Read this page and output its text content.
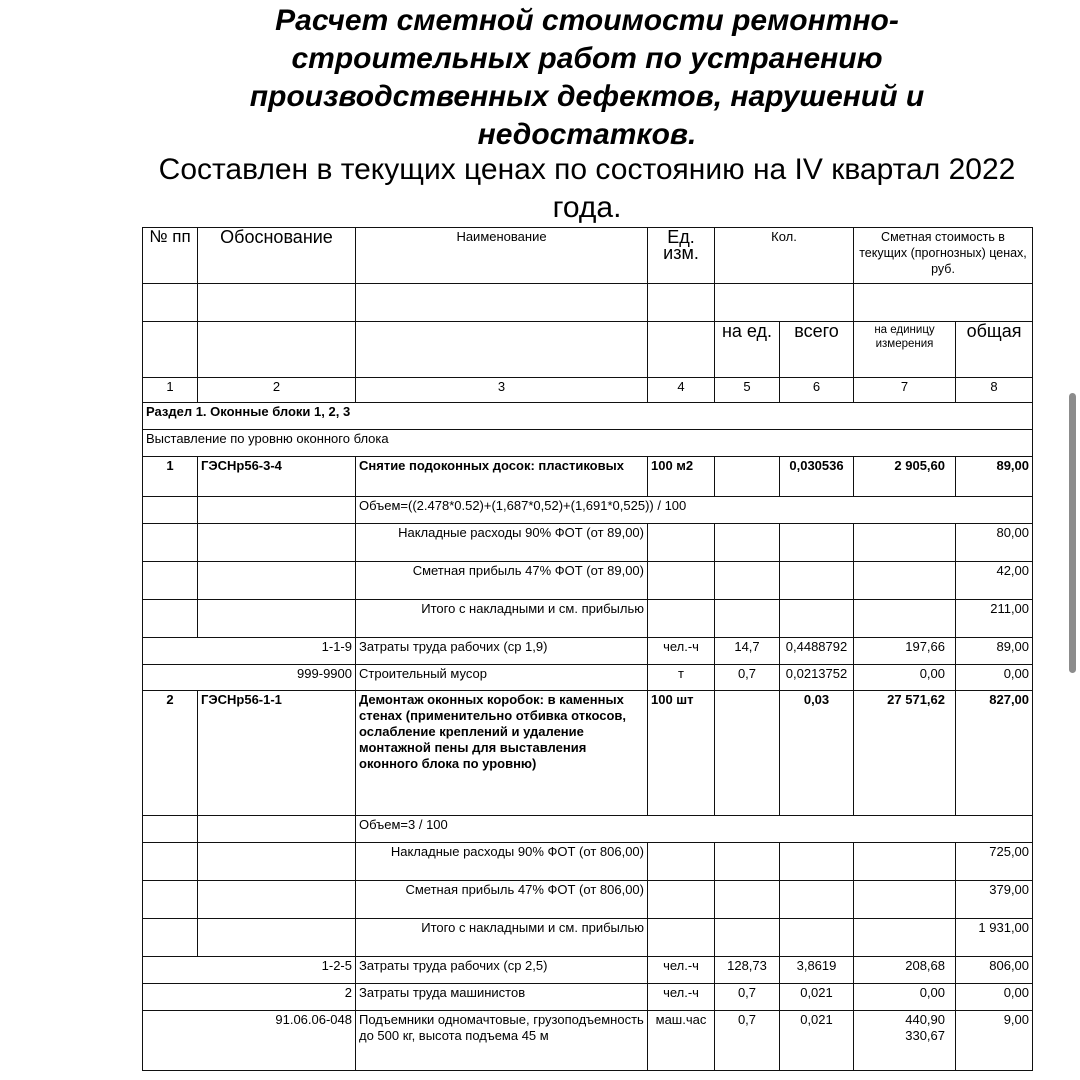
Расчет сметной стоимости ремонтно-строительных работ по устранению производственных дефектов, нарушений и недостатков.
Составлен в текущих ценах по состоянию на IV квартал 2022 года.
№ пп	Обоснование	Наименование	Ед. изм.	Кол.		Сметная стоимость в текущих (прогнозных) ценах, руб.	

				на ед.	всего	на единицу измерения	общая
1	2	3	4	5	6	7	8
Раздел 1. Оконные блоки 1, 2, 3							
Выставление по уровню оконного блока							
1	ГЭСНр56-3-4	Снятие подоконных досок: пластиковых	100 м2		0,030536	2 905,60	89,00
		Объем=((2.478*0.52)+(1,687*0,52)+(1,691*0,525)) / 100					
		Накладные расходы 90% ФОТ (от 89,00)					80,00
		Сметная прибыль 47% ФОТ (от 89,00)					42,00
		Итого с накладными и см. прибылью					211,00
1-1-9		Затраты труда рабочих (ср 1,9)	чел.-ч	14,7	0,4488792	197,66	89,00
999-9900		Строительный мусор	т	0,7	0,0213752	0,00	0,00
2	ГЭСНр56-1-1	Демонтаж оконных коробок: в каменных стенах (применительно отбивка откосов, ослабление креплений и удаление монтажной пены для выставления оконного блока по уровню)	100 шт		0,03	27 571,62	827,00
		Объем=3 / 100					
		Накладные расходы 90% ФОТ (от 806,00)					725,00
		Сметная прибыль 47% ФОТ (от 806,00)					379,00
		Итого с накладными и см. прибылью					1 931,00
1-2-5		Затраты труда рабочих (ср 2,5)	чел.-ч	128,73	3,8619	208,68	806,00
2		Затраты труда машинистов	чел.-ч	0,7	0,021	0,00	0,00
91.06.06-048		Подъемники одномачтовые, грузоподъемность до 500 кг, высота подъема 45 м	маш.час	0,7	0,021	440,90 330,67	9,00
